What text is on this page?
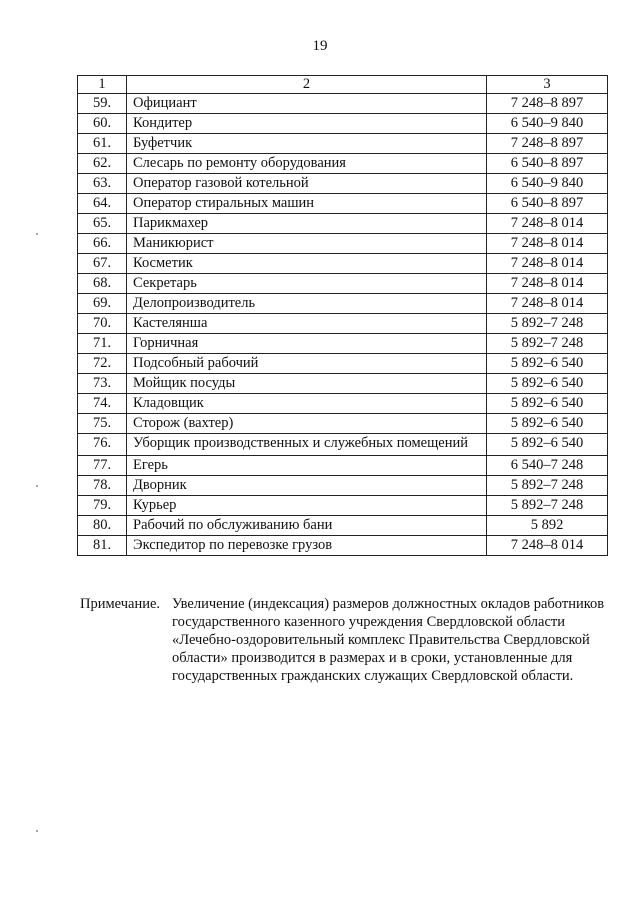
19
1	2	3
59.	Официант	7 248–8 897
60.	Кондитер	6 540–9 840
61.	Буфетчик	7 248–8 897
62.	Слесарь по ремонту оборудования	6 540–8 897
63.	Оператор газовой котельной	6 540–9 840
64.	Оператор стиральных машин	6 540–8 897
65.	Парикмахер	7 248–8 014
66.	Маникюрист	7 248–8 014
67.	Косметик	7 248–8 014
68.	Секретарь	7 248–8 014
69.	Делопроизводитель	7 248–8 014
70.	Кастелянша	5 892–7 248
71.	Горничная	5 892–7 248
72.	Подсобный рабочий	5 892–6 540
73.	Мойщик посуды	5 892–6 540
74.	Кладовщик	5 892–6 540
75.	Сторож (вахтер)	5 892–6 540
76.	Уборщик производственных и служебных помещений	5 892–6 540
77.	Егерь	6 540–7 248
78.	Дворник	5 892–7 248
79.	Курьер	5 892–7 248
80.	Рабочий по обслуживанию бани	5 892
81.	Экспедитор по перевозке грузов	7 248–8 014
Примечание. Увеличение (индексация) размеров должностных окладов работников государственного казенного учреждения Свердловской области «Лечебно-оздоровительный комплекс Правительства Свердловской области» производится в размерах и в сроки, установленные для государственных гражданских служащих Свердловской области.
